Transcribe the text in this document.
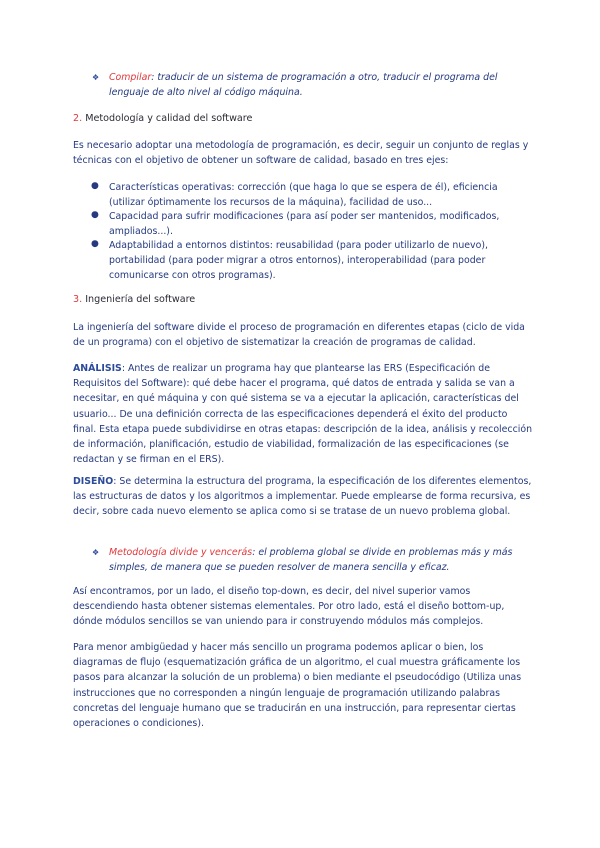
❖ Compilar: traducir de un sistema de programación a otro, traducir el programa del lenguaje de alto nivel al código máquina.
2. Metodología y calidad del software
Es necesario adoptar una metodología de programación, es decir, seguir un conjunto de reglas y técnicas con el objetivo de obtener un software de calidad, basado en tres ejes:
● Características operativas: corrección (que haga lo que se espera de él), eficiencia (utilizar óptimamente los recursos de la máquina), facilidad de uso...
● Capacidad para sufrir modificaciones (para así poder ser mantenidos, modificados, ampliados...).
● Adaptabilidad a entornos distintos: reusabilidad (para poder utilizarlo de nuevo), portabilidad (para poder migrar a otros entornos), interoperabilidad (para poder comunicarse con otros programas).
3. Ingeniería del software
La ingeniería del software divide el proceso de programación en diferentes etapas (ciclo de vida de un programa) con el objetivo de sistematizar la creación de programas de calidad.
ANÁLISIS: Antes de realizar un programa hay que plantearse las ERS (Especificación de Requisitos del Software): qué debe hacer el programa, qué datos de entrada y salida se van a necesitar, en qué máquina y con qué sistema se va a ejecutar la aplicación, características del usuario... De una definición correcta de las especificaciones dependerá el éxito del producto final. Esta etapa puede subdividirse en otras etapas: descripción de la idea, análisis y recolección de información, planificación, estudio de viabilidad, formalización de las especificaciones (se redactan y se firman en el ERS).
DISEÑO: Se determina la estructura del programa, la especificación de los diferentes elementos, las estructuras de datos y los algoritmos a implementar. Puede emplearse de forma recursiva, es decir, sobre cada nuevo elemento se aplica como si se tratase de un nuevo problema global.
❖ Metodología divide y vencerás: el problema global se divide en problemas más y más simples, de manera que se pueden resolver de manera sencilla y eficaz.
Así encontramos, por un lado, el diseño top-down, es decir, del nivel superior vamos descendiendo hasta obtener sistemas elementales. Por otro lado, está el diseño bottom-up, dónde módulos sencillos se van uniendo para ir construyendo módulos más complejos.
Para menor ambigüedad y hacer más sencillo un programa podemos aplicar o bien, los diagramas de flujo (esquematización gráfica de un algoritmo, el cual muestra gráficamente los pasos para alcanzar la solución de un problema) o bien mediante el pseudocódigo (Utiliza unas instrucciones que no corresponden a ningún lenguaje de programación utilizando palabras concretas del lenguaje humano que se traducirán en una instrucción, para representar ciertas operaciones o condiciones).
